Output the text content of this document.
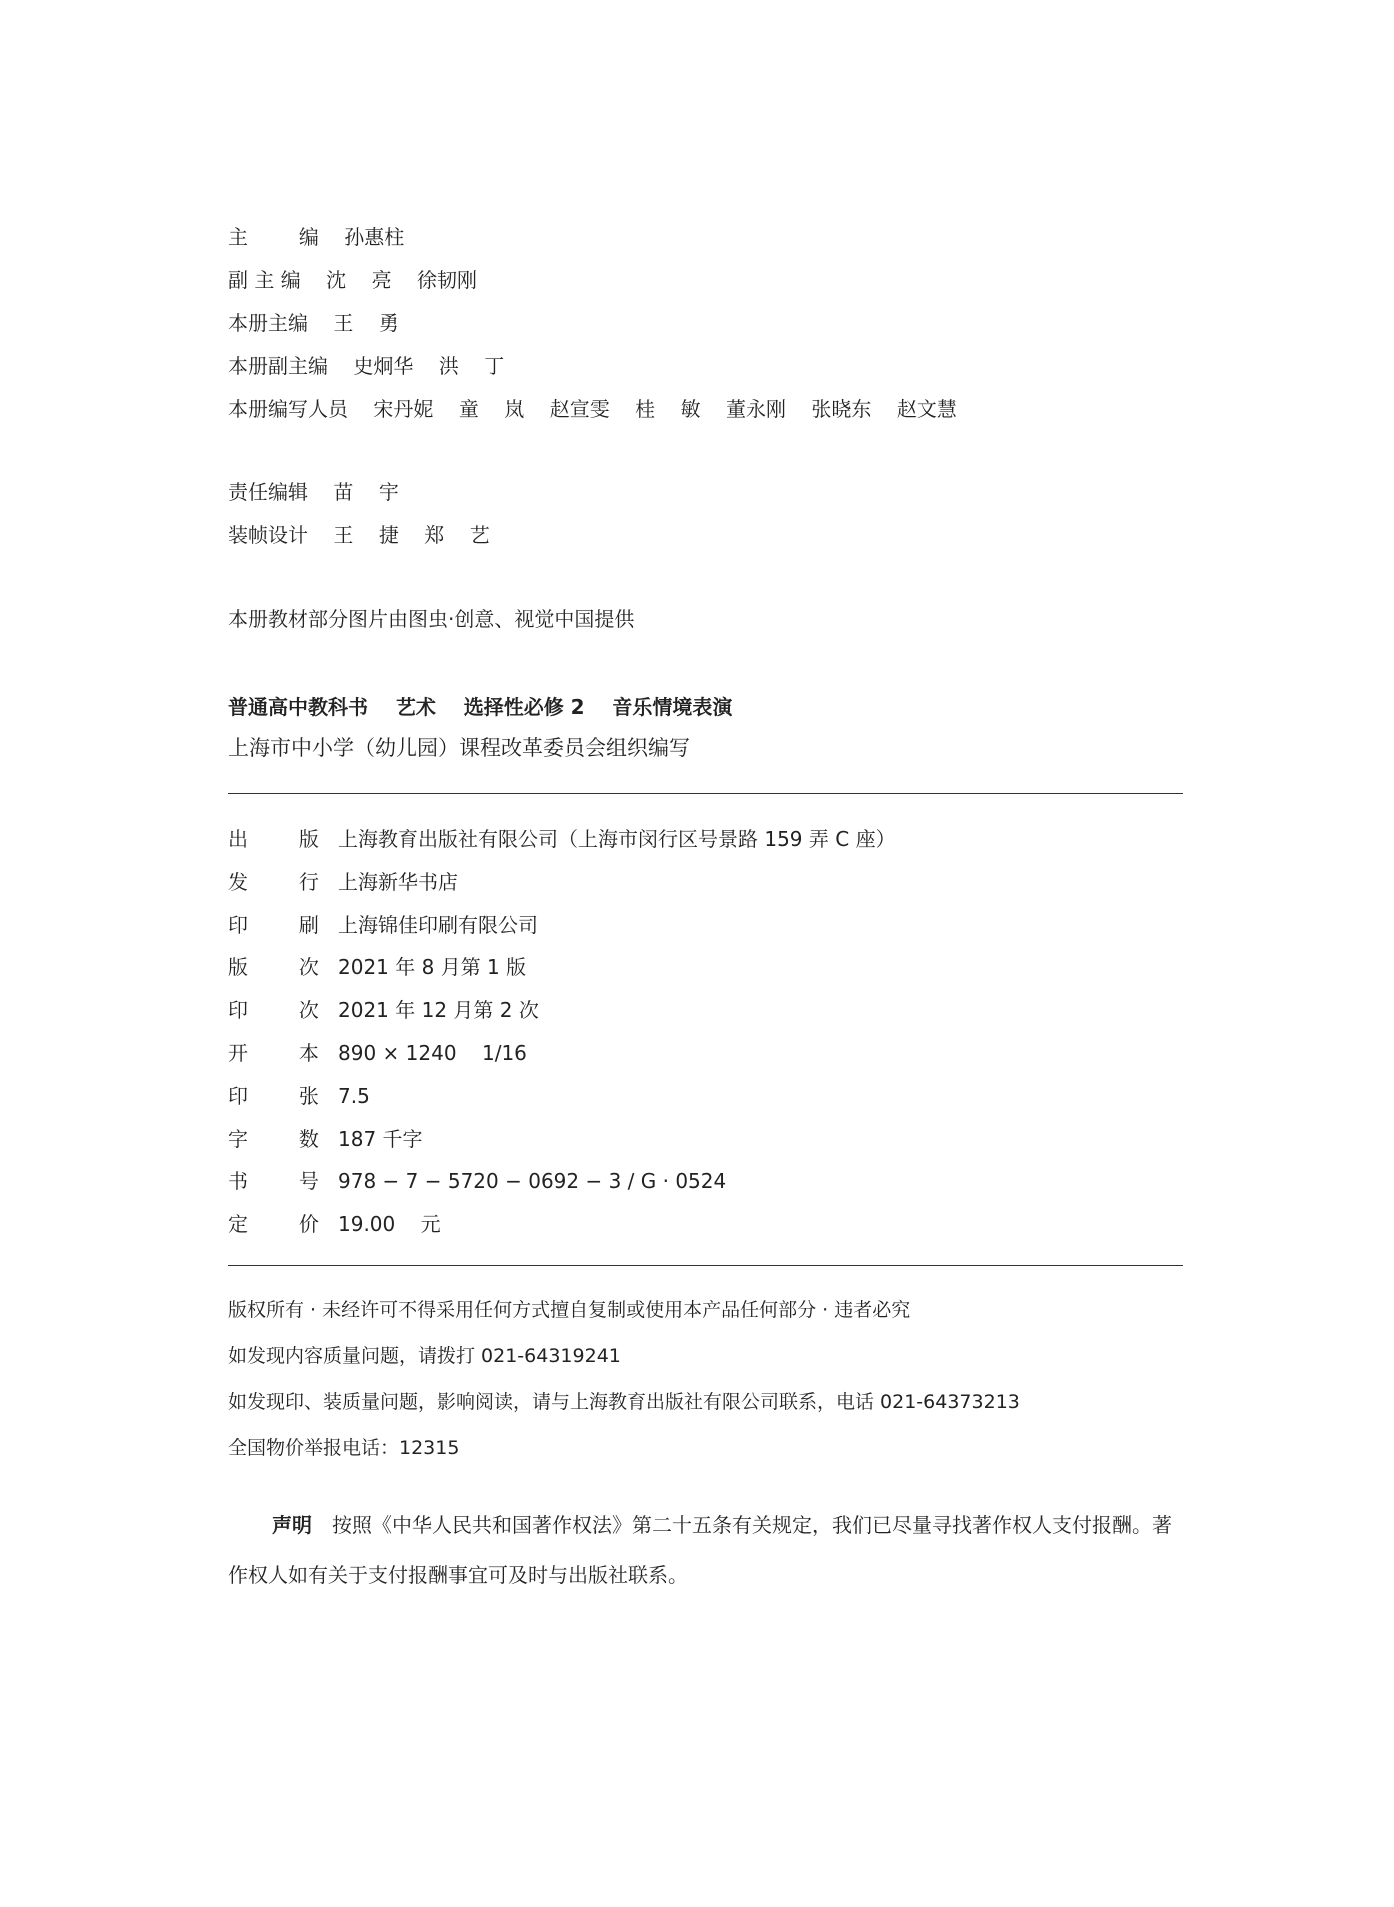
主        编    孙惠柱
副 主 编    沈    亮    徐韧刚
本册主编    王    勇
本册副主编    史炯华    洪    丁
本册编写人员    宋丹妮    童    岚    赵宣雯    桂    敏    董永刚    张晓东    赵文慧
责任编辑    苗    宇
装帧设计    王    捷    郑    艺
本册教材部分图片由图虫·创意、视觉中国提供
普通高中教科书    艺术    选择性必修 2    音乐情境表演
上海市中小学（幼儿园）课程改革委员会组织编写
出        版 上海教育出版社有限公司（上海市闵行区号景路 159 弄 C 座）
发        行 上海新华书店
印        刷 上海锦佳印刷有限公司
版        次 2021 年 8 月第 1 版
印        次 2021 年 12 月第 2 次
开        本 890 × 1240    1/16
印        张 7.5
字        数 187 千字
书        号 978 − 7 − 5720 − 0692 − 3 / G · 0524
定        价 19.00    元
版权所有 · 未经许可不得采用任何方式擅自复制或使用本产品任何部分 · 违者必究
如发现内容质量问题，请拨打 021-64319241
如发现印、装质量问题，影响阅读，请与上海教育出版社有限公司联系，电话 021-64373213
全国物价举报电话：12315
声明 按照《中华人民共和国著作权法》第二十五条有关规定，我们已尽量寻找著作权人支付报酬。著作权人如有关于支付报酬事宜可及时与出版社联系。
